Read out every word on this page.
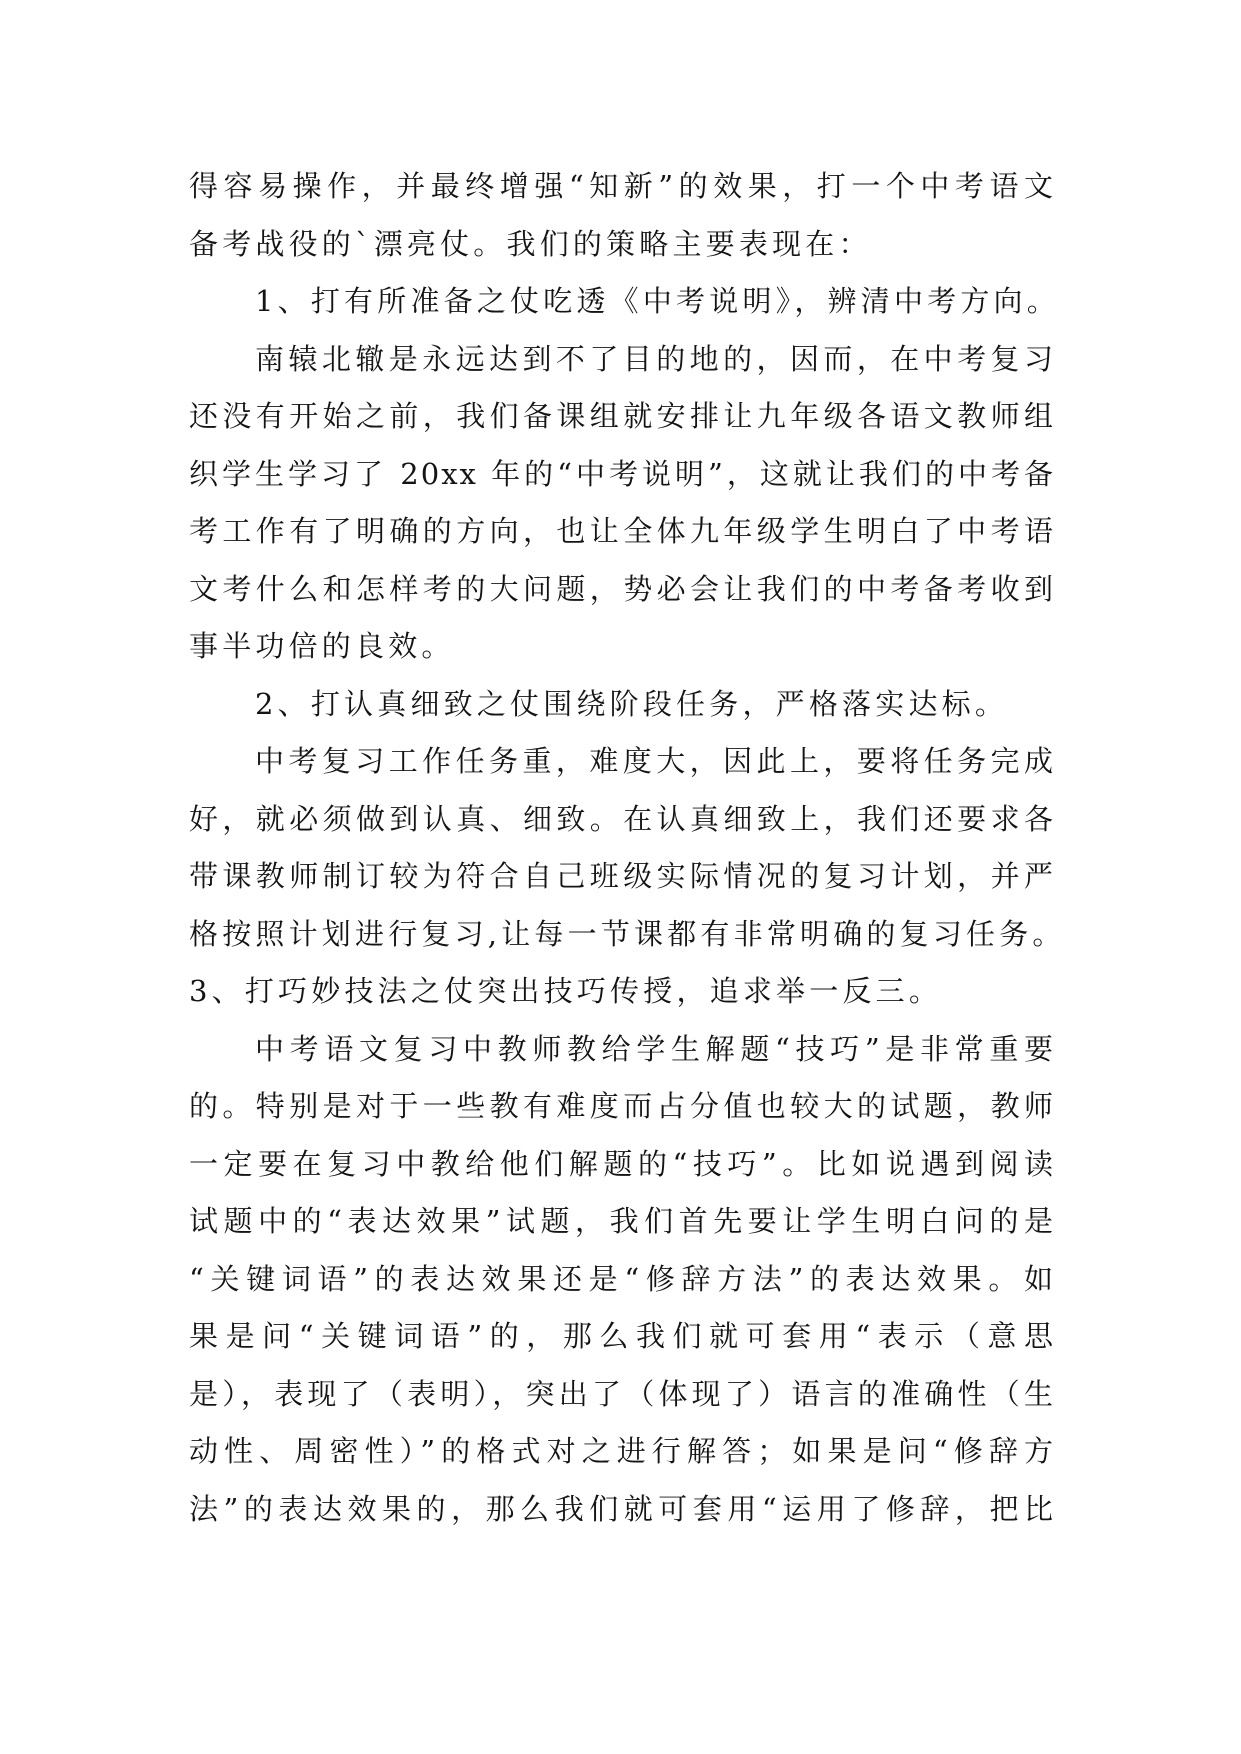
得容易操作，并最终增强“知新”的效果，打一个中考语文
备考战役的`漂亮仗。我们的策略主要表现在：
1、打有所准备之仗吃透《中考说明》，辨清中考方向。
南辕北辙是永远达到不了目的地的，因而，在中考复习
还没有开始之前，我们备课组就安排让九年级各语文教师组
织学生学习了 20xx 年的“中考说明”，这就让我们的中考备
考工作有了明确的方向，也让全体九年级学生明白了中考语
文考什么和怎样考的大问题，势必会让我们的中考备考收到
事半功倍的良效。
2、打认真细致之仗围绕阶段任务，严格落实达标。
中考复习工作任务重，难度大，因此上，要将任务完成
好，就必须做到认真、细致。在认真细致上，我们还要求各
带课教师制订较为符合自己班级实际情况的复习计划，并严
格按照计划进行复习,让每一节课都有非常明确的复习任务。
3、打巧妙技法之仗突出技巧传授，追求举一反三。
中考语文复习中教师教给学生解题“技巧”是非常重要
的。特别是对于一些教有难度而占分值也较大的试题，教师
一定要在复习中教给他们解题的“技巧”。比如说遇到阅读
试题中的“表达效果”试题，我们首先要让学生明白问的是
“关键词语”的表达效果还是“修辞方法”的表达效果。如
果是问“关键词语”的，那么我们就可套用“表示（意思
是），表现了（表明），突出了（体现了）语言的准确性（生
动性、周密性）”的格式对之进行解答；如果是问“修辞方
法”的表达效果的，那么我们就可套用“运用了修辞，把比
